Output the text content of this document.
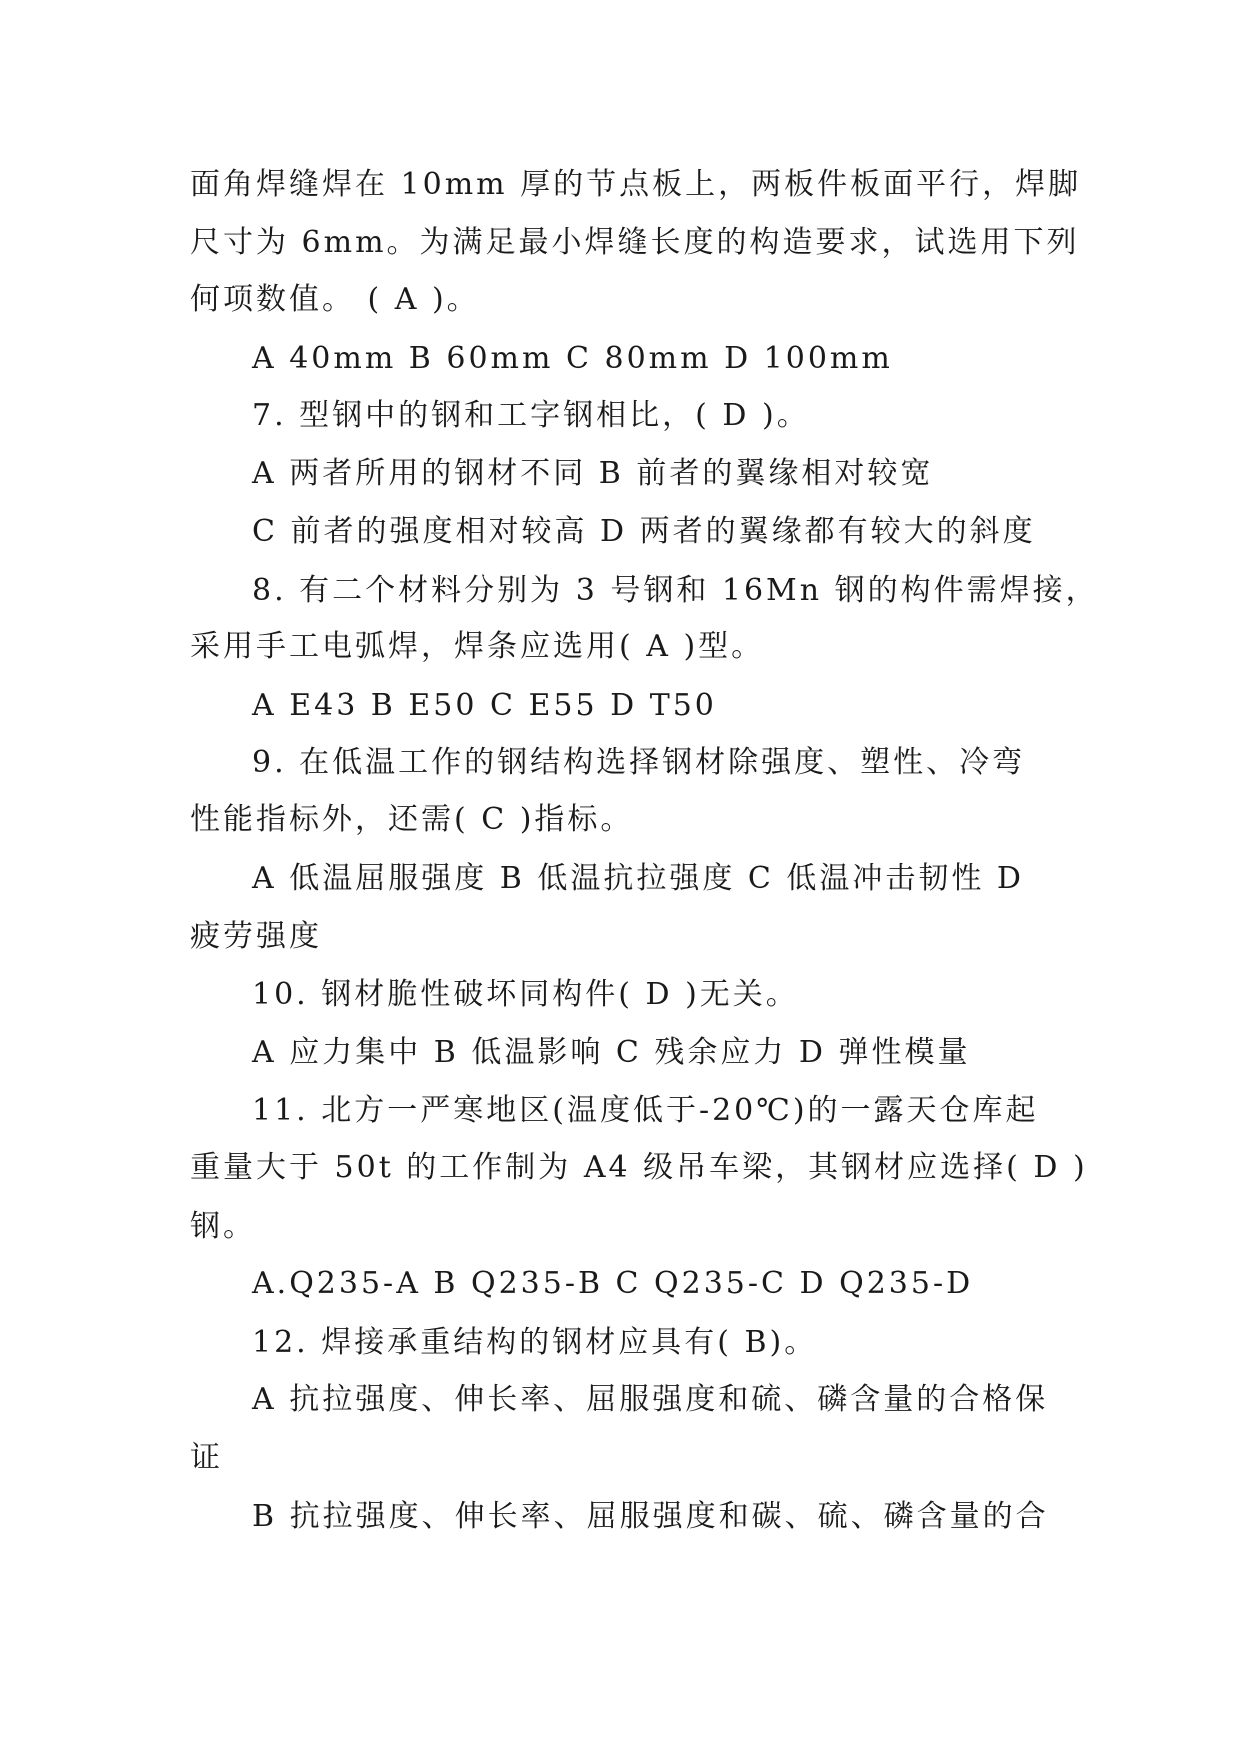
面角焊缝焊在 10mm 厚的节点板上，两板件板面平行，焊脚
尺寸为 6mm。为满足最小焊缝长度的构造要求，试选用下列
何项数值。 ( A )。
A 40mm B 60mm C 80mm D 100mm
7. 型钢中的钢和工字钢相比，( D )。
A 两者所用的钢材不同 B 前者的翼缘相对较宽
C 前者的强度相对较高 D 两者的翼缘都有较大的斜度
8. 有二个材料分别为 3 号钢和 16Mn 钢的构件需焊接，
采用手工电弧焊，焊条应选用( A )型。
A E43 B E50 C E55 D T50
9. 在低温工作的钢结构选择钢材除强度、塑性、冷弯
性能指标外，还需( C )指标。
A 低温屈服强度 B 低温抗拉强度 C 低温冲击韧性 D
疲劳强度
10. 钢材脆性破坏同构件( D )无关。
A 应力集中 B 低温影响 C 残余应力 D 弹性模量
11. 北方一严寒地区(温度低于-20℃)的一露天仓库起
重量大于 50t 的工作制为 A4 级吊车梁，其钢材应选择( D )
钢。
A.Q235-A B Q235-B C Q235-C D Q235-D
12. 焊接承重结构的钢材应具有( B)。
A 抗拉强度、伸长率、屈服强度和硫、磷含量的合格保
证
B 抗拉强度、伸长率、屈服强度和碳、硫、磷含量的合
